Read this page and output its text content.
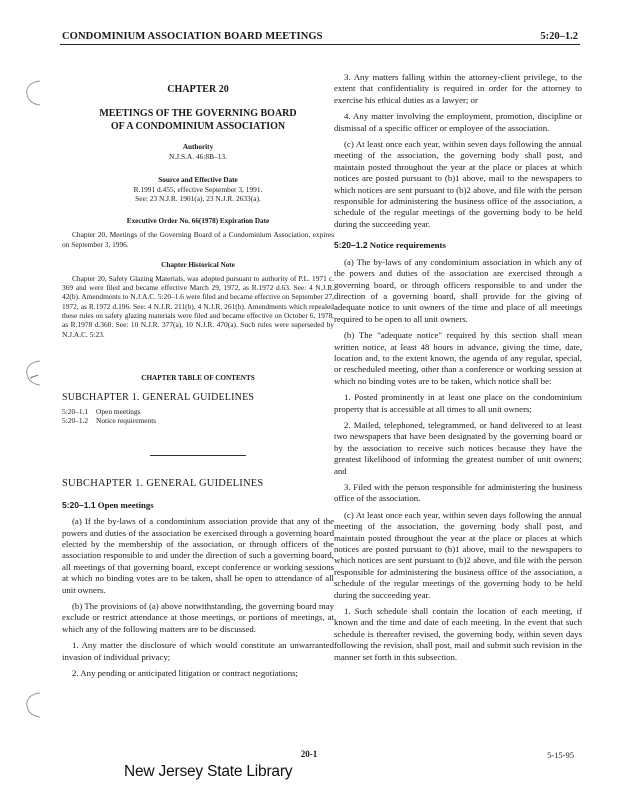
CONDOMINIUM ASSOCIATION BOARD MEETINGS	5:20–1.2
CHAPTER 20
MEETINGS OF THE GOVERNING BOARD
OF A CONDOMINIUM ASSOCIATION
Authority
N.J.S.A. 46:8B–13.
Source and Effective Date
R.1991 d.455, effective September 3, 1991.
See: 23 N.J.R. 1901(a), 23 N.J.R. 2633(a).
Executive Order No. 66(1978) Expiration Date

Chapter 20, Meetings of the Governing Board of a Condominium Association, expires on September 3, 1996.

Chapter Historical Note

Chapter 20, Safety Glazing Materials, was adopted pursuant to authority of P.L. 1971 c. 369 and were filed and became effective March 29, 1972, as R.1972 d.63. See: 4 N.J.R. 42(b). Amendments to N.J.A.C. 5:20–1.6 were filed and became effective on September 27, 1972, as R.1972 d.196. See: 4 N.J.R. 211(b), 4 N.J.R. 261(b). Amendments which repealed these rules on safety glazing materials were filed and became effective on October 6, 1978, as R.1978 d.360. See: 10 N.J.R. 377(a), 10 N.J.R. 470(a). Such rules were superseded by N.J.A.C. 5:23.

CHAPTER TABLE OF CONTENTS
SUBCHAPTER 1. GENERAL GUIDELINES
5:20–1.1	Open meetings
5:20–1.2	Notice requirements
SUBCHAPTER 1. GENERAL GUIDELINES
5:20–1.1 Open meetings

(a) If the by-laws of a condominium association provide that any of the powers and duties of the association be exercised through a governing board elected by the membership of the association, or through officers of the association responsible to and under the direction of such a governing board, all meetings of that governing board, except conference or working sessions at which no binding votes are to be taken, shall be open to attendance of all unit owners.

(b) The provisions of (a) above notwithstanding, the governing board may exclude or restrict attendance at those meetings, or portions of meetings, at which any of the following matters are to be discussed.

1. Any matter the disclosure of which would constitute an unwarranted invasion of individual privacy;

2. Any pending or anticipated litigation or contract negotiations;

3. Any matters falling within the attorney-client privilege, to the extent that confidentiality is required in order for the attorney to exercise his ethical duties as a lawyer; or

4. Any matter involving the employment, promotion, discipline or dismissal of a specific officer or employee of the association.

(c) At least once each year, within seven days following the annual meeting of the association, the governing body shall post, and maintain posted throughout the year at the place or places at which notices are posted pursuant to (b)1 above, mail to the newspapers to which notices are sent pursuant to (b)2 above, and file with the person responsible for administering the business office of the association, a schedule of the regular meetings of the governing body to be held during the succeeding year.

5:20–1.2 Notice requirements

(a) The by-laws of any condominium association in which any of the powers and duties of the association are exercised through a governing board, or through officers responsible to and under the direction of a governing board, shall provide for the giving of adequate notice to unit owners of the time and place of all meetings required to be open to all unit owners.

(b) The "adequate notice" required by this section shall mean written notice, at least 48 hours in advance, giving the time, date, location and, to the extent known, the agenda of any regular, special, or rescheduled meeting, other than a conference or working session at which no binding votes are to be taken, which notice shall be:

1. Posted prominently in at least one place on the condominium property that is accessible at all times to all unit owners;

2. Mailed, telephoned, telegrammed, or hand delivered to at least two newspapers that have been designated by the governing board or by the association to receive such notices because they have the greatest likelihood of informing the greatest number of unit owners; and

3. Filed with the person responsible for administering the business office of the association.

(c) At least once each year, within seven days following the annual meeting of the association, the governing body shall post, and maintain posted throughout the year at the place or places at which notices are posted pursuant to (b)1 above, mail to the newspapers to which notices are sent pursuant to (b)2 above, and file with the person responsible for administering the business office of the association, a schedule of the regular meetings of the governing body to be held during the succeeding year.

1. Such schedule shall contain the location of each meeting, if known and the time and date of each meeting. In the event that such schedule is thereafter revised, the governing body, within seven days following the revision, shall post, mail and submit such revision in the manner set forth in this subsection.

20-1	5-15-95
New Jersey State Library
